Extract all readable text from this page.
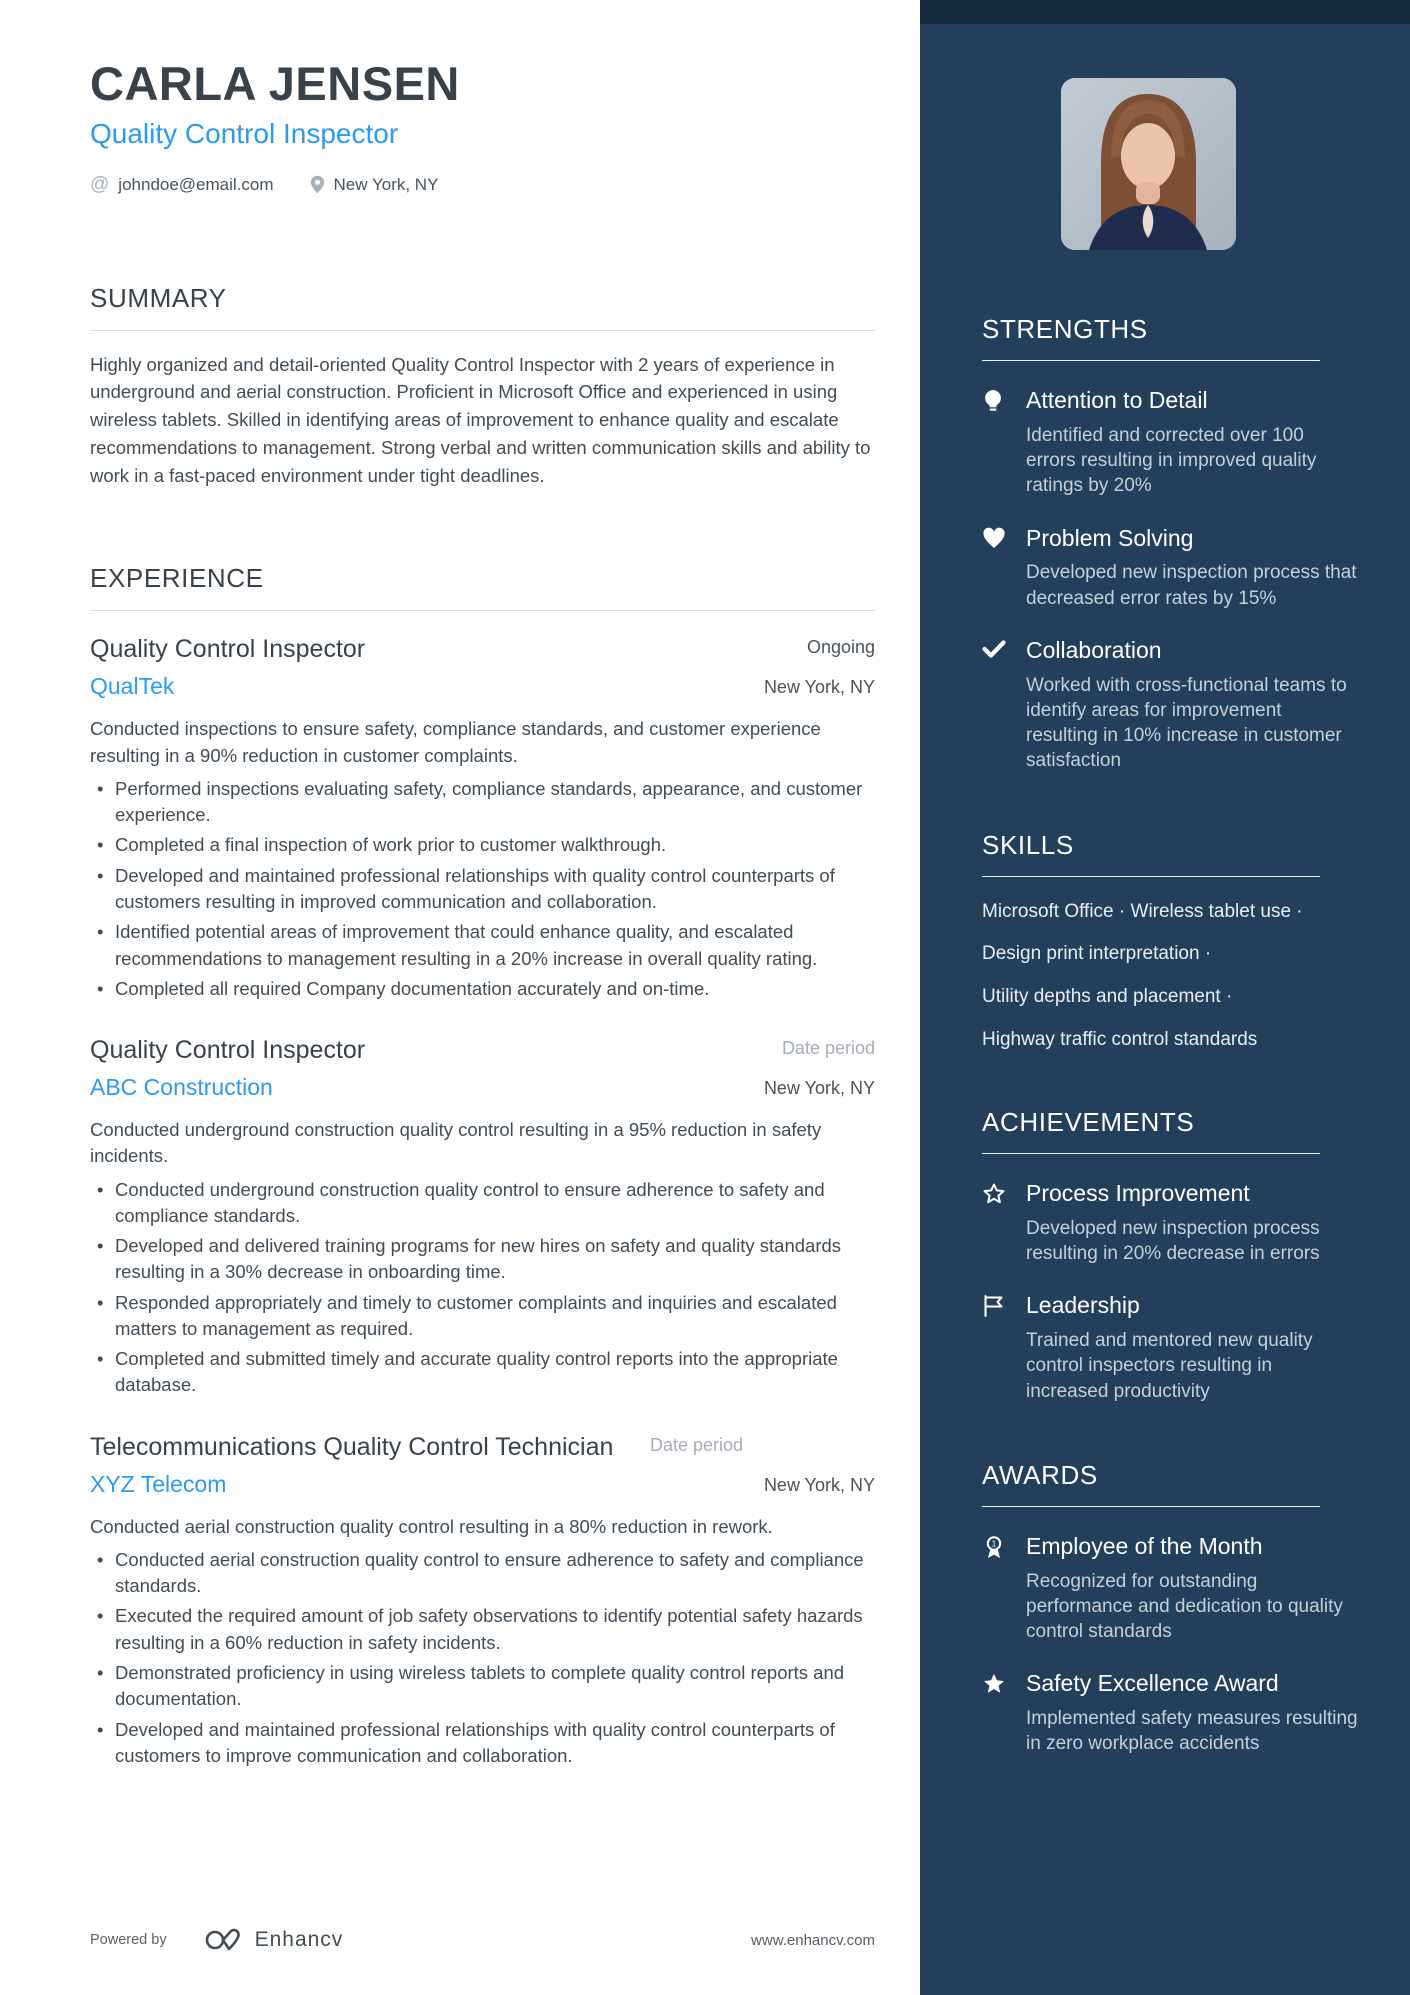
CARLA JENSEN
Quality Control Inspector
@ johndoe@email.com	New York, NY
SUMMARY

Highly organized and detail-oriented Quality Control Inspector with 2 years of experience in underground and aerial construction. Proficient in Microsoft Office and experienced in using wireless tablets. Skilled in identifying areas of improvement to enhance quality and escalate recommendations to management. Strong verbal and written communication skills and ability to work in a fast-paced environment under tight deadlines.

EXPERIENCE
Quality Control Inspector	Ongoing
QualTek	New York, NY

Conducted inspections to ensure safety, compliance standards, and customer experience resulting in a 90% reduction in customer complaints.

• Performed inspections evaluating safety, compliance standards, appearance, and customer experience.
• Completed a final inspection of work prior to customer walkthrough.
• Developed and maintained professional relationships with quality control counterparts of customers resulting in improved communication and collaboration.
• Identified potential areas of improvement that could enhance quality, and escalated recommendations to management resulting in a 20% increase in overall quality rating.
• Completed all required Company documentation accurately and on-time.
Quality Control Inspector	Date period
ABC Construction	New York, NY

Conducted underground construction quality control resulting in a 95% reduction in safety incidents.

• Conducted underground construction quality control to ensure adherence to safety and compliance standards.
• Developed and delivered training programs for new hires on safety and quality standards resulting in a 30% decrease in onboarding time.
• Responded appropriately and timely to customer complaints and inquiries and escalated matters to management as required.
• Completed and submitted timely and accurate quality control reports into the appropriate database.
Telecommunications Quality Control Technician	Date period
XYZ Telecom	New York, NY

Conducted aerial construction quality control resulting in a 80% reduction in rework.

• Conducted aerial construction quality control to ensure adherence to safety and compliance standards.
• Executed the required amount of job safety observations to identify potential safety hazards resulting in a 60% reduction in safety incidents.
• Demonstrated proficiency in using wireless tablets to complete quality control reports and documentation.
• Developed and maintained professional relationships with quality control counterparts of customers to improve communication and collaboration.
Powered by	Enhancv	www.enhancv.com
STRENGTHS
Attention to Detail

Identified and corrected over 100 errors resulting in improved quality ratings by 20%

Problem Solving

Developed new inspection process that decreased error rates by 15%

Collaboration

Worked with cross-functional teams to identify areas for improvement resulting in 10% increase in customer satisfaction

SKILLS
Microsoft Office · Wireless tablet use ·
Design print interpretation ·
Utility depths and placement ·
Highway traffic control standards
ACHIEVEMENTS
Process Improvement

Developed new inspection process resulting in 20% decrease in errors

Leadership

Trained and mentored new quality control inspectors resulting in increased productivity

AWARDS
1 Employee of the Month

Recognized for outstanding performance and dedication to quality control standards

Safety Excellence Award

Implemented safety measures resulting in zero workplace accidents
